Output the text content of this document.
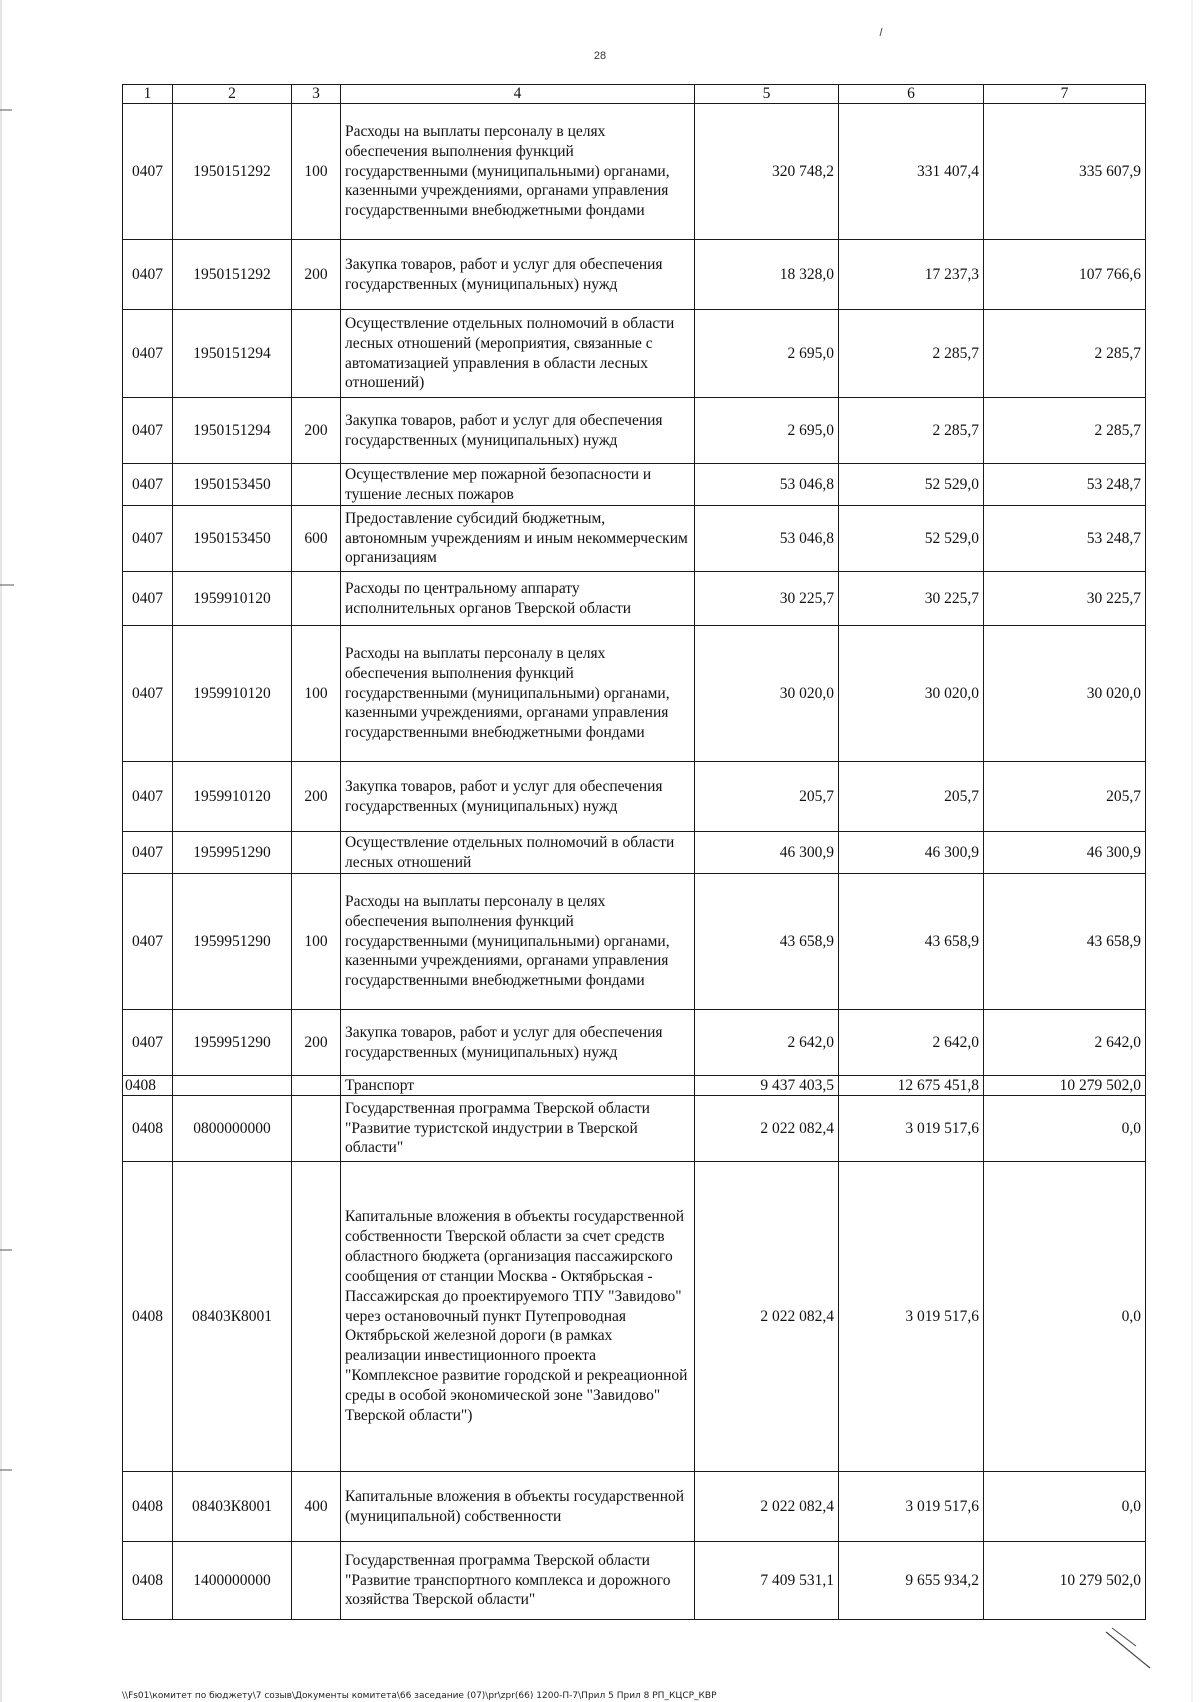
28
1	2	3	4	5	6	7
0407	1950151292	100	Расходы на выплаты персоналу в целях обеспечения выполнения функций государственными (муниципальными) органами, казенными учреждениями, органами управления государственными внебюджетными фондами	320 748,2	331 407,4	335 607,9
0407	1950151292	200	Закупка товаров, работ и услуг для обеспечения государственных (муниципальных) нужд	18 328,0	17 237,3	107 766,6
0407	1950151294		Осуществление отдельных полномочий в области лесных отношений (мероприятия, связанные с автоматизацией управления в области лесных отношений)	2 695,0	2 285,7	2 285,7
0407	1950151294	200	Закупка товаров, работ и услуг для обеспечения государственных (муниципальных) нужд	2 695,0	2 285,7	2 285,7
0407	1950153450		Осуществление мер пожарной безопасности и тушение лесных пожаров	53 046,8	52 529,0	53 248,7
0407	1950153450	600	Предоставление субсидий бюджетным, автономным учреждениям и иным некоммерческим организациям	53 046,8	52 529,0	53 248,7
0407	1959910120		Расходы по центральному аппарату исполнительных органов Тверской области	30 225,7	30 225,7	30 225,7
0407	1959910120	100	Расходы на выплаты персоналу в целях обеспечения выполнения функций государственными (муниципальными) органами, казенными учреждениями, органами управления государственными внебюджетными фондами	30 020,0	30 020,0	30 020,0
0407	1959910120	200	Закупка товаров, работ и услуг для обеспечения государственных (муниципальных) нужд	205,7	205,7	205,7
0407	1959951290		Осуществление отдельных полномочий в области лесных отношений	46 300,9	46 300,9	46 300,9
0407	1959951290	100	Расходы на выплаты персоналу в целях обеспечения выполнения функций государственными (муниципальными) органами, казенными учреждениями, органами управления государственными внебюджетными фондами	43 658,9	43 658,9	43 658,9
0407	1959951290	200	Закупка товаров, работ и услуг для обеспечения государственных (муниципальных) нужд	2 642,0	2 642,0	2 642,0
0408			Транспорт	9 437 403,5	12 675 451,8	10 279 502,0
0408	0800000000		Государственная программа Тверской области "Развитие туристской индустрии в Тверской области"	2 022 082,4	3 019 517,6	0,0
0408	08403К8001		Капитальные вложения в объекты государственной собственности Тверской области за счет средств областного бюджета (организация пассажирского сообщения от станции Москва - Октябрьская - Пассажирская до проектируемого ТПУ "Завидово" через остановочный пункт Путепроводная Октябрьской железной дороги (в рамках реализации инвестиционного проекта "Комплексное развитие городской и рекреационной среды в особой экономической зоне "Завидово" Тверской области")	2 022 082,4	3 019 517,6	0,0
0408	08403К8001	400	Капитальные вложения в объекты государственной (муниципальной) собственности	2 022 082,4	3 019 517,6	0,0
0408	1400000000		Государственная программа Тверской области "Развитие транспортного комплекса и дорожного хозяйства Тверской области"	7 409 531,1	9 655 934,2	10 279 502,0
\\Fs01\комитет по бюджету\7 созыв\Документы комитета\66 заседание (07)\pr\zpr(66) 1200-П-7\Прил 5 Прил 8 РП_КЦСР_КВР
